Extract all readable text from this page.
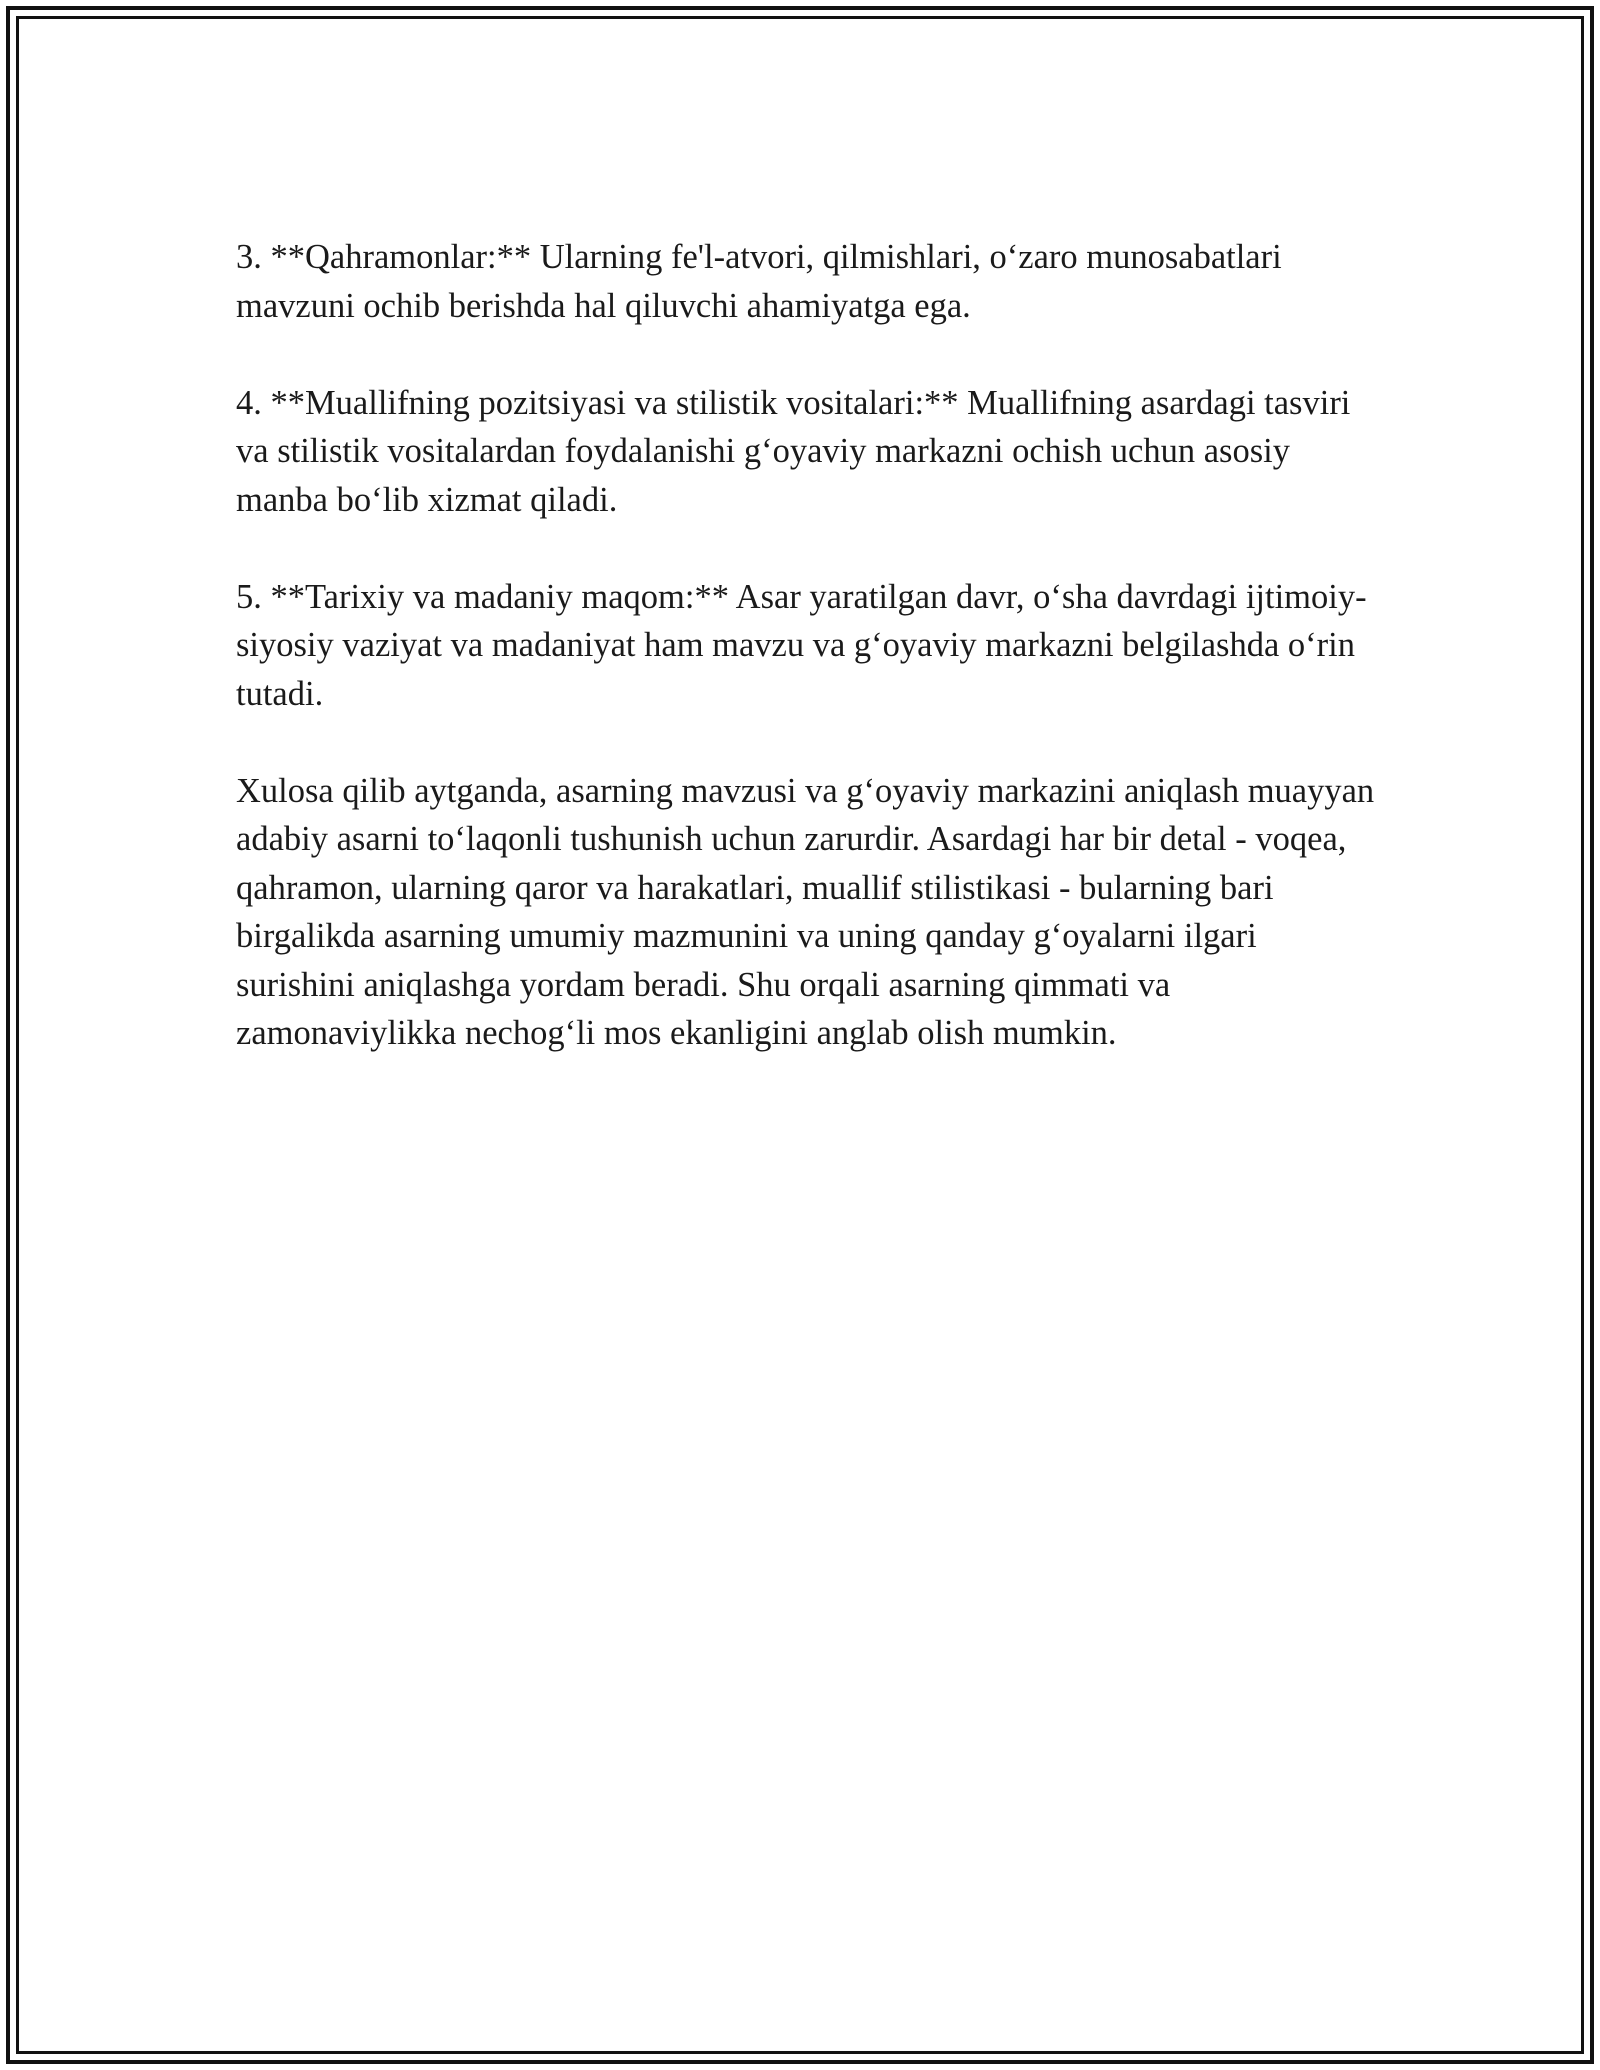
3. **Qahramonlar:** Ularning fe'l-atvori, qilmishlari, o‘zaro munosabatlari mavzuni ochib berishda hal qiluvchi ahamiyatga ega.

4. **Muallifning pozitsiyasi va stilistik vositalari:** Muallifning asardagi tasviri va stilistik vositalardan foydalanishi g‘oyaviy markazni ochish uchun asosiy manba bo‘lib xizmat qiladi.

5. **Tarixiy va madaniy maqom:** Asar yaratilgan davr, o‘sha davrdagi ijtimoiy-siyosiy vaziyat va madaniyat ham mavzu va g‘oyaviy markazni belgilashda o‘rin tutadi.

Xulosa qilib aytganda, asarning mavzusi va g‘oyaviy markazini aniqlash muayyan adabiy asarni to‘laqonli tushunish uchun zarurdir. Asardagi har bir detal - voqea, qahramon, ularning qaror va harakatlari, muallif stilistikasi - bularning bari birgalikda asarning umumiy mazmunini va uning qanday g‘oyalarni ilgari surishini aniqlashga yordam beradi. Shu orqali asarning qimmati va zamonaviylikka nechog‘li mos ekanligini anglab olish mumkin.
